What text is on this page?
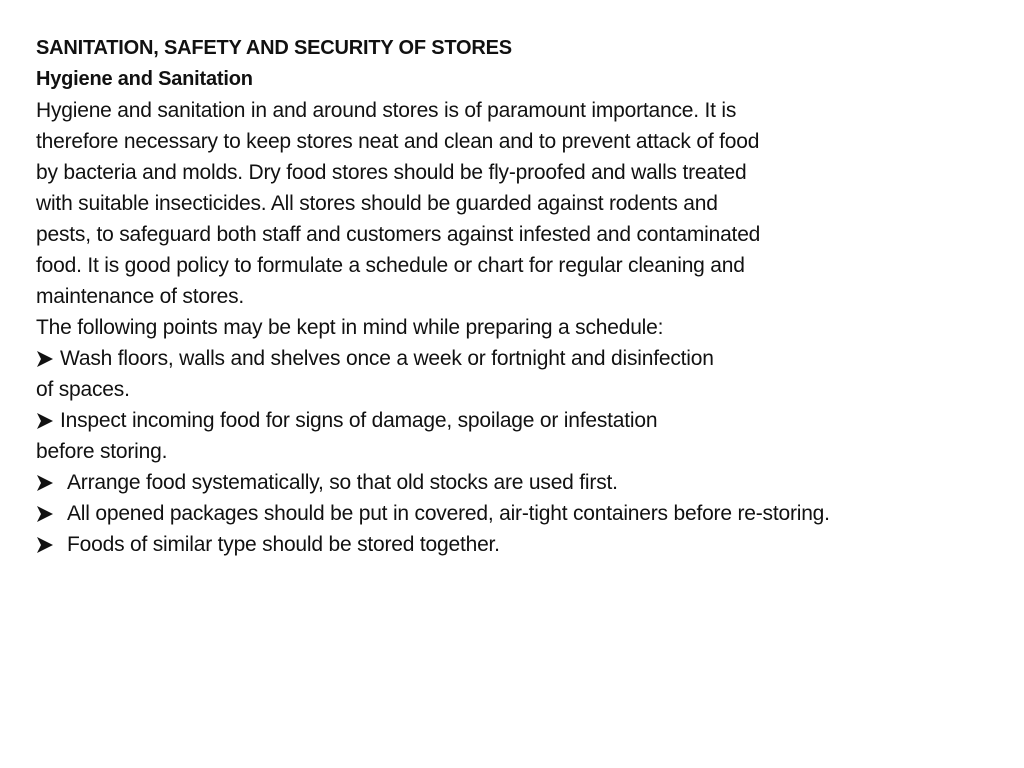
SANITATION, SAFETY AND SECURITY OF STORES
Hygiene and Sanitation
Hygiene and sanitation in and around stores is of paramount importance. It is
therefore necessary to keep stores neat and clean and to prevent attack of food
by bacteria and molds. Dry food stores should be fly-proofed and walls treated
with suitable insecticides. All stores should be guarded against rodents and
pests, to safeguard both staff and customers against infested and contaminated
food. It is good policy to formulate a schedule or chart for regular cleaning and
maintenance of stores.
The following points may be kept in mind while preparing a schedule:
Wash floors, walls and shelves once a week or fortnight and disinfection
of spaces.
Inspect incoming food for signs of damage, spoilage or infestation
before storing.
Arrange food systematically, so that old stocks are used first.
All opened packages should be put in covered, air-tight containers before re-storing.
Foods of similar type should be stored together.
